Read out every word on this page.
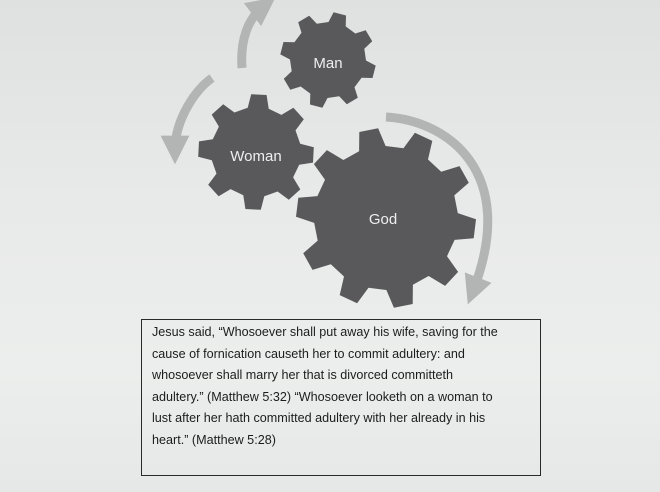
Man
Woman
God

Jesus said, “Whosoever shall put away his wife, saving for the
cause of fornication causeth her to commit adultery: and
whosoever shall marry her that is divorced committeth
adultery.” (Matthew 5:32) “Whosoever looketh on a woman to
lust after her hath committed adultery with her already in his
heart.” (Matthew 5:28)
